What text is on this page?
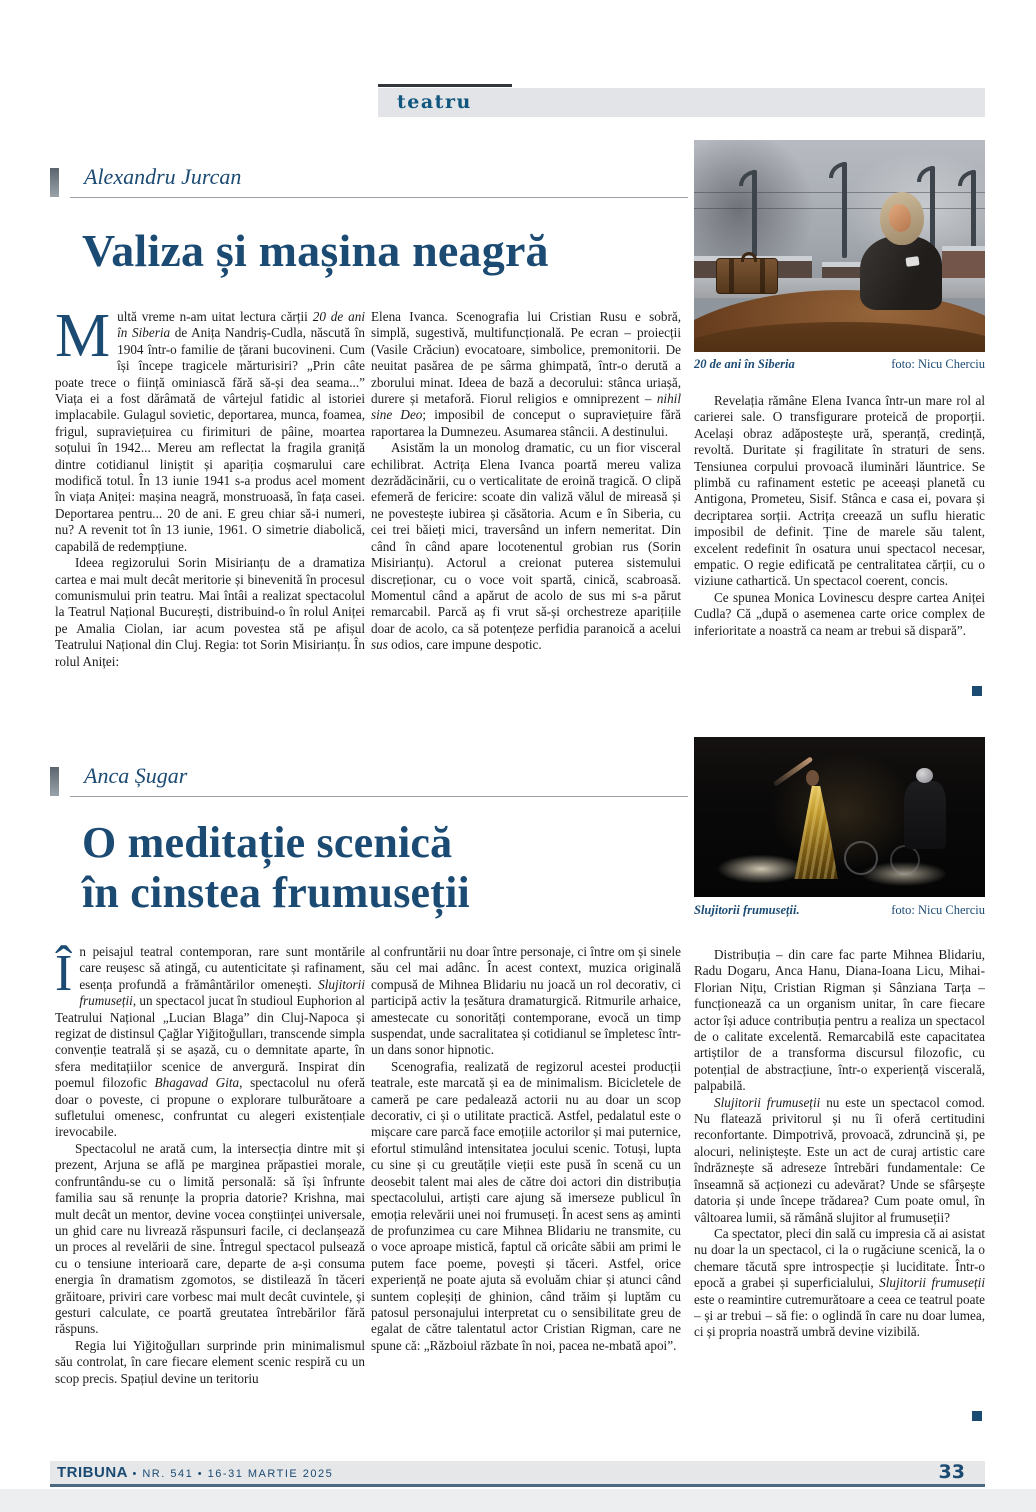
teatru
Alexandru Jurcan
Valiza și mașina neagră

Multă vreme n-am uitat lectura cărții 20 de ani în Siberia de Anița Nandriș-Cudla, născută în 1904 într-o familie de țărani bucovineni. Cum își începe tragicele mărturisiri? „Prin câte poate trece o ființă ominiască fără să-și dea seama...” Viața ei a fost dărâmată de vârtejul fatidic al istoriei implacabile. Gulagul sovietic, deportarea, munca, foamea, frigul, supraviețuirea cu firimituri de pâine, moartea soțului în 1942... Mereu am reflectat la fragila graniță dintre cotidianul liniștit și apariția coșmarului care modifică totul. În 13 iunie 1941 s-a produs acel moment în viața Aniței: mașina neagră, monstruoasă, în fața casei. Deportarea pentru... 20 de ani. E greu chiar să-i numeri, nu? A revenit tot în 13 iunie, 1961. O simetrie diabolică, capabilă de redempțiune.

Ideea regizorului Sorin Misirianțu de a dramatiza cartea e mai mult decât meritorie și binevenită în procesul comunismului prin teatru. Mai întâi a realizat spectacolul la Teatrul Național București, distribuind-o în rolul Aniței pe Amalia Ciolan, iar acum povestea stă pe afișul Teatrului Național din Cluj. Regia: tot Sorin Misirianțu. În rolul Aniței:

Elena Ivanca. Scenografia lui Cristian Rusu e sobră, simplă, sugestivă, multifuncțională. Pe ecran – proiecții (Vasile Crăciun) evocatoare, simbolice, premonitorii. De neuitat pasărea de pe sârma ghimpată, într-o derută a zborului minat. Ideea de bază a decorului: stânca uriașă, durere și metaforă. Fiorul religios e omniprezent – nihil sine Deo; imposibil de conceput o supraviețuire fără raportarea la Dumnezeu. Asumarea stâncii. A destinului.

Asistăm la un monolog dramatic, cu un fior visceral echilibrat. Actrița Elena Ivanca poartă mereu valiza dezrădăcinării, cu o verticalitate de eroină tragică. O clipă efemeră de fericire: scoate din valiză vălul de mireasă și ne povestește iubirea și căsătoria. Acum e în Siberia, cu cei trei băieți mici, traversând un infern nemeritat. Din când în când apare locotenentul grobian rus (Sorin Misirianțu). Actorul a creionat puterea sistemului discreționar, cu o voce voit spartă, cinică, scabroasă. Momentul când a apărut de acolo de sus mi s-a părut remarcabil. Parcă aș fi vrut să-și orchestreze aparițiile doar de acolo, ca să potențeze perfidia paranoică a acelui sus odios, care impune despotic.

20 de ani în Siberia	foto: Nicu Cherciu

Revelația rămâne Elena Ivanca într-un mare rol al carierei sale. O transfigurare proteică de proporții. Același obraz adăpostește ură, speranță, credință, revoltă. Duritate și fragilitate în straturi de sens. Tensiunea corpului provoacă iluminări lăuntrice. Se plimbă cu rafinament estetic pe aceeași planetă cu Antigona, Prometeu, Sisif. Stânca e casa ei, povara și decriptarea sorții. Actrița creează un suflu hieratic imposibil de definit. Ține de marele său talent, excelent redefinit în osatura unui spectacol necesar, empatic. O regie edificată pe centralitatea cărții, cu o viziune cathartică. Un spectacol coerent, concis.

Ce spunea Monica Lovinescu despre cartea Aniței Cudla? Că „după o asemenea carte orice complex de inferioritate a noastră ca neam ar trebui să dispară”.

Anca Șugar
O meditație scenică
în cinstea frumuseții	Slujitorii frumuseții.	foto: Nicu Cherciu

În peisajul teatral contemporan, rare sunt montările care reușesc să atingă, cu autenticitate și rafinament, esența profundă a frământărilor omenești. Slujitorii frumuseții, un spectacol jucat în studioul Euphorion al Teatrului Național „Lucian Blaga” din Cluj-Napoca și regizat de distinsul Çağlar Yiğitoğulları, transcende simpla convenție teatrală și se așază, cu o demnitate aparte, în sfera meditațiilor scenice de anvergură. Inspirat din poemul filozofic Bhagavad Gita, spectacolul nu oferă doar o poveste, ci propune o explorare tulburătoare a sufletului omenesc, confruntat cu alegeri existențiale irevocabile.

Spectacolul ne arată cum, la intersecția dintre mit și prezent, Arjuna se află pe marginea prăpastiei morale, confruntându-se cu o limită personală: să își înfrunte familia sau să renunțe la propria datorie? Krishna, mai mult decât un mentor, devine vocea conștiinței universale, un ghid care nu livrează răspunsuri facile, ci declanșează un proces al revelării de sine. Întregul spectacol pulsează cu o tensiune interioară care, departe de a-și consuma energia în dramatism zgomotos, se distilează în tăceri grăitoare, priviri care vorbesc mai mult decât cuvintele, și gesturi calculate, ce poartă greutatea întrebărilor fără răspuns.

Regia lui Yiğitoğulları surprinde prin minimalismul său controlat, în care fiecare element scenic respiră cu un scop precis. Spațiul devine un teritoriu

al confruntării nu doar între personaje, ci între om și sinele său cel mai adânc. În acest context, muzica originală compusă de Mihnea Blidariu nu joacă un rol decorativ, ci participă activ la țesătura dramaturgică. Ritmurile arhaice, amestecate cu sonorități contemporane, evocă un timp suspendat, unde sacralitatea și cotidianul se împletesc într-un dans sonor hipnotic.

Scenografia, realizată de regizorul acestei producții teatrale, este marcată și ea de minimalism. Bicicletele de cameră pe care pedalează actorii nu au doar un scop decorativ, ci și o utilitate practică. Astfel, pedalatul este o mișcare care parcă face emoțiile actorilor și mai puternice, efortul stimulând intensitatea jocului scenic. Totuși, lupta cu sine și cu greutățile vieții este pusă în scenă cu un deosebit talent mai ales de către doi actori din distribuția spectacolului, artiști care ajung să imerseze publicul în emoția relevării unei noi frumuseți. În acest sens aș aminti de profunzimea cu care Mihnea Blidariu ne transmite, cu o voce aproape mistică, faptul că oricâte săbii am primi le putem face poeme, povești și tăceri. Astfel, orice experiență ne poate ajuta să evoluăm chiar și atunci când suntem copleșiți de ghinion, când trăim și luptăm cu patosul personajului interpretat cu o sensibilitate greu de egalat de către talentatul actor Cristian Rigman, care ne spune că: „Războiul răzbate în noi, pacea ne-mbată apoi”.

Distribuția – din care fac parte Mihnea Blidariu, Radu Dogaru, Anca Hanu, Diana-Ioana Licu, Mihai-Florian Nițu, Cristian Rigman și Sânziana Tarța – funcționează ca un organism unitar, în care fiecare actor își aduce contribuția pentru a realiza un spectacol de o calitate excelentă. Remarcabilă este capacitatea artiștilor de a transforma discursul filozofic, cu potențial de abstracțiune, într-o experiență viscerală, palpabilă.

Slujitorii frumuseții nu este un spectacol comod. Nu flatează privitorul și nu îi oferă certitudini reconfortante. Dimpotrivă, provoacă, zdruncină și, pe alocuri, neliniștește. Este un act de curaj artistic care îndrăznește să adreseze întrebări fundamentale: Ce înseamnă să acționezi cu adevărat? Unde se sfârșește datoria și unde începe trădarea? Cum poate omul, în vâltoarea lumii, să rămână slujitor al frumuseții?

Ca spectator, pleci din sală cu impresia că ai asistat nu doar la un spectacol, ci la o rugăciune scenică, la o chemare tăcută spre introspecție și luciditate. Într-o epocă a grabei și superficialului, Slujitorii frumuseții este o reamintire cutremurătoare a ceea ce teatrul poate – și ar trebui – să fie: o oglindă în care nu doar lumea, ci și propria noastră umbră devine vizibilă.

TRIBUNA • NR. 541 • 16-31 MARTIE 2025	33
